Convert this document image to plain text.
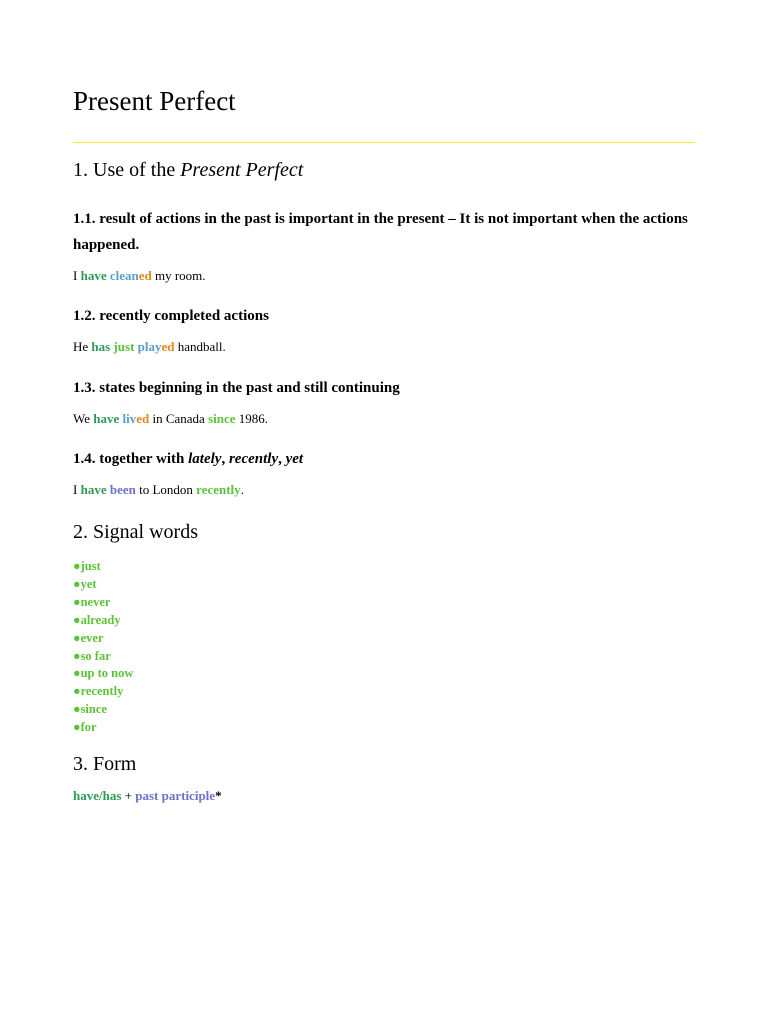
Present Perfect
1. Use of the Present Perfect
1.1. result of actions in the past is important in the present – It is not important when the actions happened.

I have cleaned my room.

1.2. recently completed actions

He has just played handball.

1.3. states beginning in the past and still continuing

We have lived in Canada since 1986.

1.4. together with lately, recently, yet

I have been to London recently.

2. Signal words
●just
●yet
●never
●already
●ever
●so far
●up to now
●recently
●since
●for
3. Form

have/has + past participle*
